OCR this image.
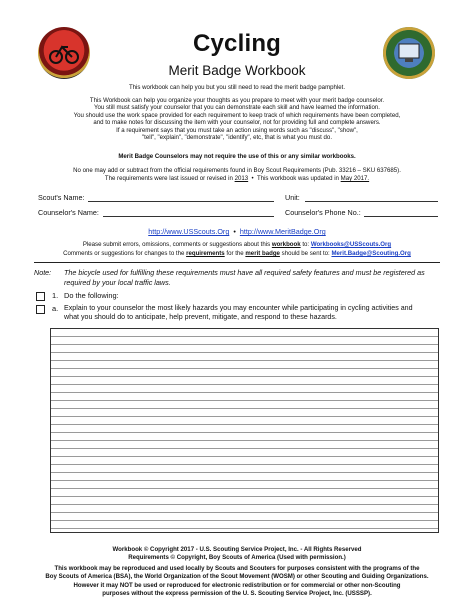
Cycling
Merit Badge Workbook
This workbook can help you but you still need to read the merit badge pamphlet.
This Workbook can help you organize your thoughts as you prepare to meet with your merit badge counselor.
You still must satisfy your counselor that you can demonstrate each skill and have learned the information.
You should use the work space provided for each requirement to keep track of which requirements have been completed,
and to make notes for discussing the item with your counselor, not for providing full and complete answers.
If a requirement says that you must take an action using words such as "discuss", "show",
"tell", "explain", "demonstrate", "identify", etc, that is what you must do.
Merit Badge Counselors may not require the use of this or any similar workbooks.
No one may add or subtract from the official requirements found in Boy Scout Requirements (Pub. 33216 – SKU 637685).
The requirements were last issued or revised in 2013 • This workbook was updated in May 2017.
Scout's Name:	Unit:
Counselor's Name:	Counselor's Phone No.:
http://www.USScouts.Org • http://www.MeritBadge.Org
Please submit errors, omissions, comments or suggestions about this workbook to: Workbooks@USScouts.Org
Comments or suggestions for changes to the requirements for the merit badge should be sent to: Merit.Badge@Scouting.Org
Note: The bicycle used for fulfilling these requirements must have all required safety features and must be registered as
required by your local traffic laws.
1. Do the following:
a. Explain to your counselor the most likely hazards you may encounter while participating in cycling activities and
what you should do to anticipate, help prevent, mitigate, and respond to these hazards.
Workbook © Copyright 2017 - U.S. Scouting Service Project, Inc. - All Rights Reserved
Requirements © Copyright, Boy Scouts of America (Used with permission.)
This workbook may be reproduced and used locally by Scouts and Scouters for purposes consistent with the programs of the
Boy Scouts of America (BSA), the World Organization of the Scout Movement (WOSM) or other Scouting and Guiding Organizations.
However it may NOT be used or reproduced for electronic redistribution or for commercial or other non-Scouting
purposes without the express permission of the U. S. Scouting Service Project, Inc. (USSSP).
